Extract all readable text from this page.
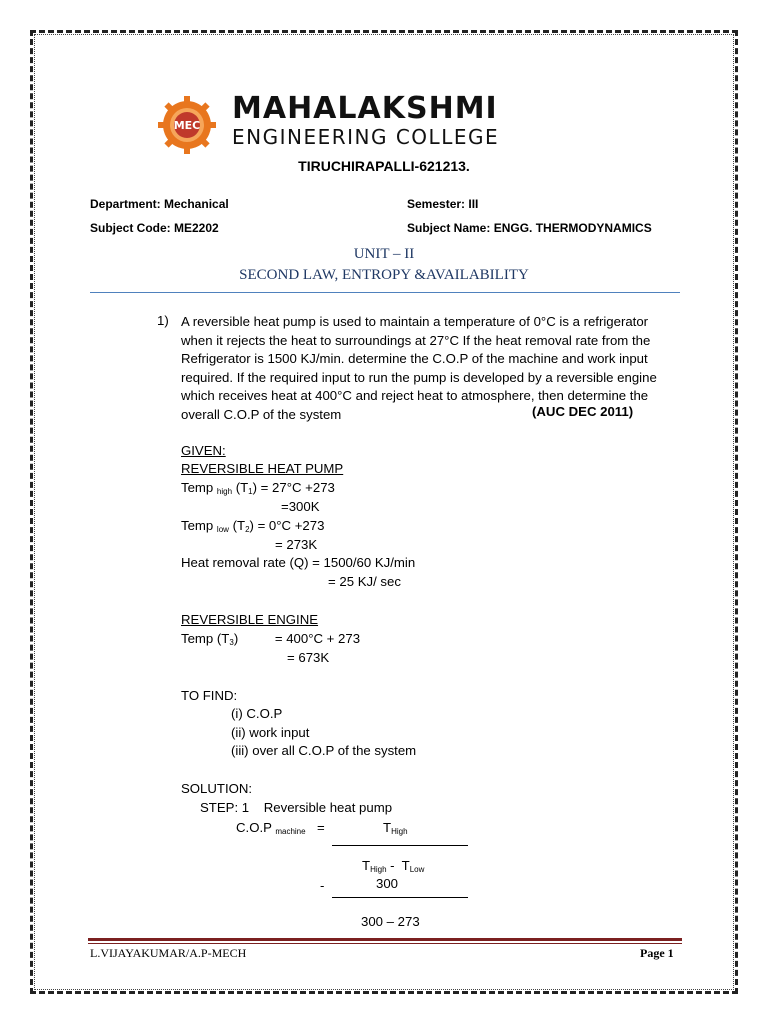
MEC MAHALAKSHMI
ENGINEERING COLLEGE
TIRUCHIRAPALLI-621213.
Department: Mechanical	Semester: III
Subject Code: ME2202	Subject Name: ENGG. THERMODYNAMICS
UNIT – II
SECOND LAW, ENTROPY &AVAILABILITY
1) A reversible heat pump is used to maintain a temperature of 0°C is a refrigerator when it rejects the heat to surroundings at 27°C If the heat removal rate from the Refrigerator is 1500 KJ/min. determine the C.O.P of the machine and work input required. If the required input to run the pump is developed by a reversible engine which receives heat at 400°C and reject heat to atmosphere, then determine the overall C.O.P of the system	(AUC DEC 2011)
GIVEN:
REVERSIBLE HEAT PUMP
Temp $_{high}$ $(T_1) = 27^\circ C +273$
=300K
Temp $_{low}$ $(T_2) = 0^\circ C +273$
= 273K
Heat removal rate (Q) = 1500/60 KJ/min
= 25 KJ/ sec
REVERSIBLE ENGINE
Temp $(T_3)$          = 400°C + 273
= 673K
TO FIND:
(i) C.O.P
(ii) work input
(iii) over all C.O.P of the system
SOLUTION:
STEP: 1    Reversible heat pump
C.O.P $_{machine}$ =	$T_{High}$
$T_{High} - T_{Low}$
-	300
300 – 273
L.VIJAYAKUMAR/A.P-MECH	Page 1
